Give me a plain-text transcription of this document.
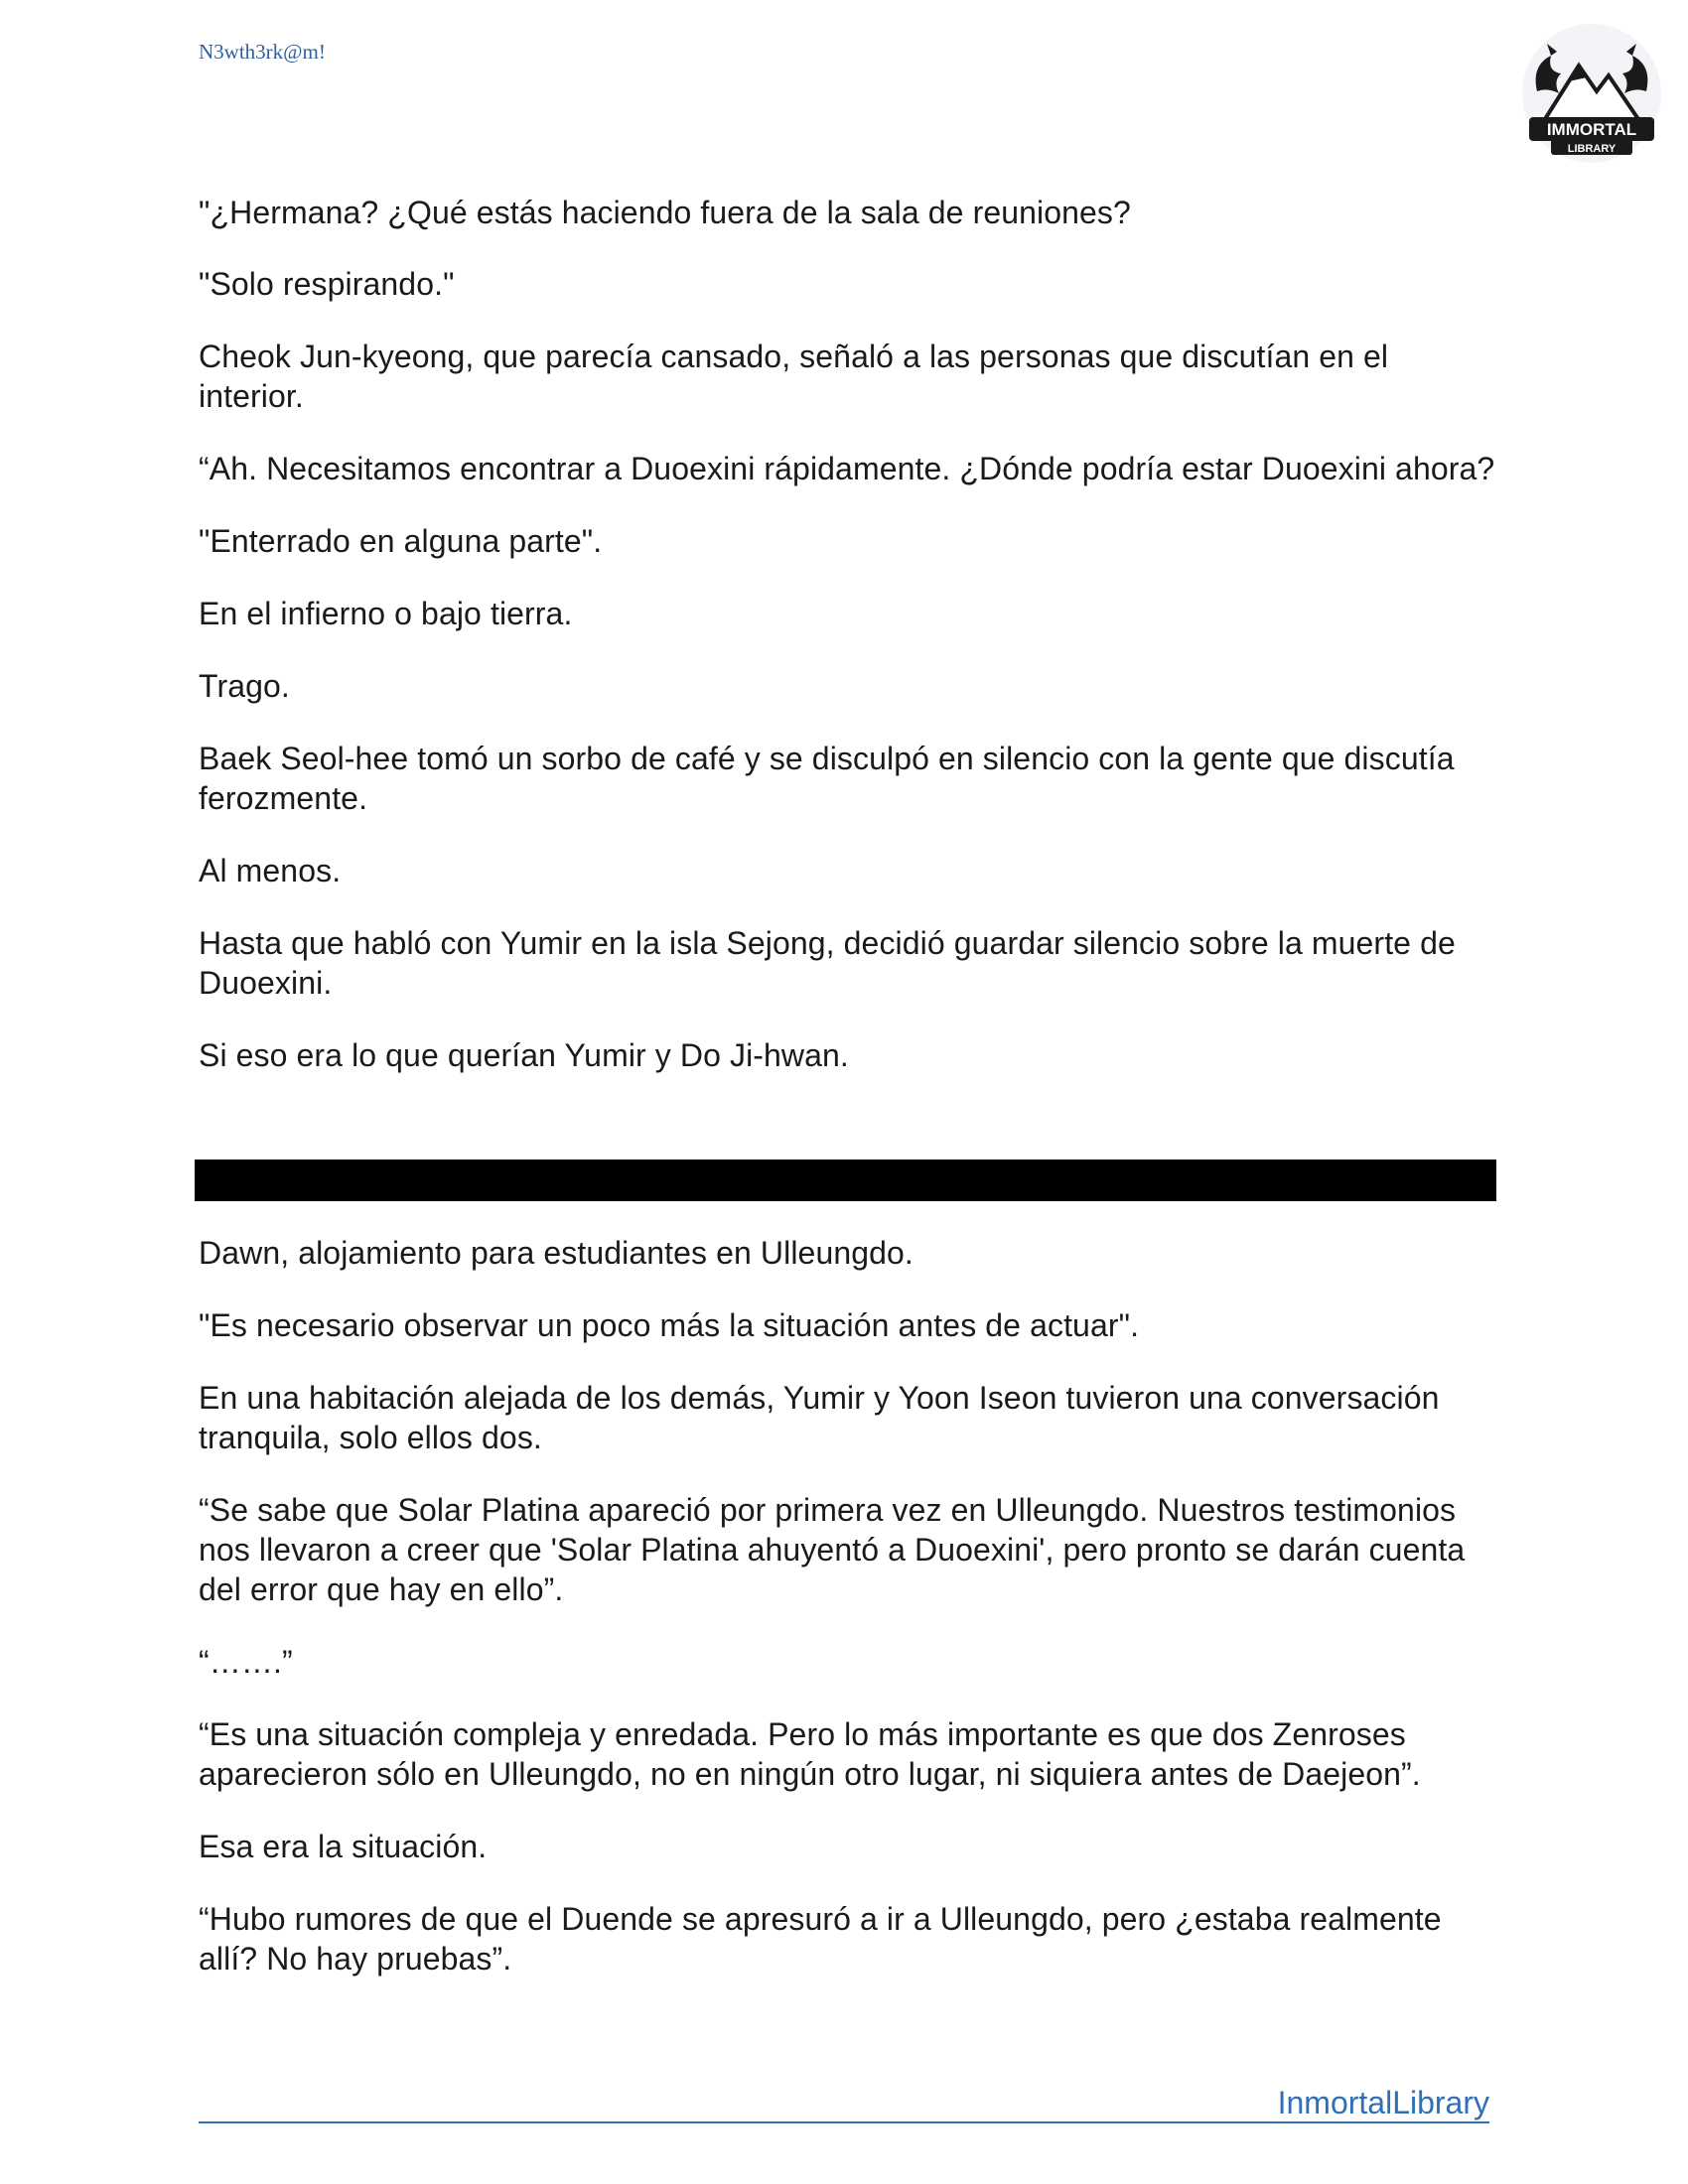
N3wth3rk@m!
IMMORTAL
LIBRARY

"¿Hermana? ¿Qué estás haciendo fuera de la sala de reuniones?

"Solo respirando."

Cheok Jun-kyeong, que parecía cansado, señaló a las personas que discutían en el interior.

“Ah. Necesitamos encontrar a Duoexini rápidamente. ¿Dónde podría estar Duoexini ahora?

"Enterrado en alguna parte".

En el infierno o bajo tierra.

Trago.

Baek Seol-hee tomó un sorbo de café y se disculpó en silencio con la gente que discutía ferozmente.

Al menos.

Hasta que habló con Yumir en la isla Sejong, decidió guardar silencio sobre la muerte de Duoexini.

Si eso era lo que querían Yumir y Do Ji-hwan.

Dawn, alojamiento para estudiantes en Ulleungdo.

"Es necesario observar un poco más la situación antes de actuar".

En una habitación alejada de los demás, Yumir y Yoon Iseon tuvieron una conversación tranquila, solo ellos dos.

“Se sabe que Solar Platina apareció por primera vez en Ulleungdo. Nuestros testimonios nos llevaron a creer que 'Solar Platina ahuyentó a Duoexini', pero pronto se darán cuenta del error que hay en ello”.

“…….”

“Es una situación compleja y enredada. Pero lo más importante es que dos Zenroses aparecieron sólo en Ulleungdo, no en ningún otro lugar, ni siquiera antes de Daejeon”.

Esa era la situación.

“Hubo rumores de que el Duende se apresuró a ir a Ulleungdo, pero ¿estaba realmente allí? No hay pruebas”.

InmortalLibrary
